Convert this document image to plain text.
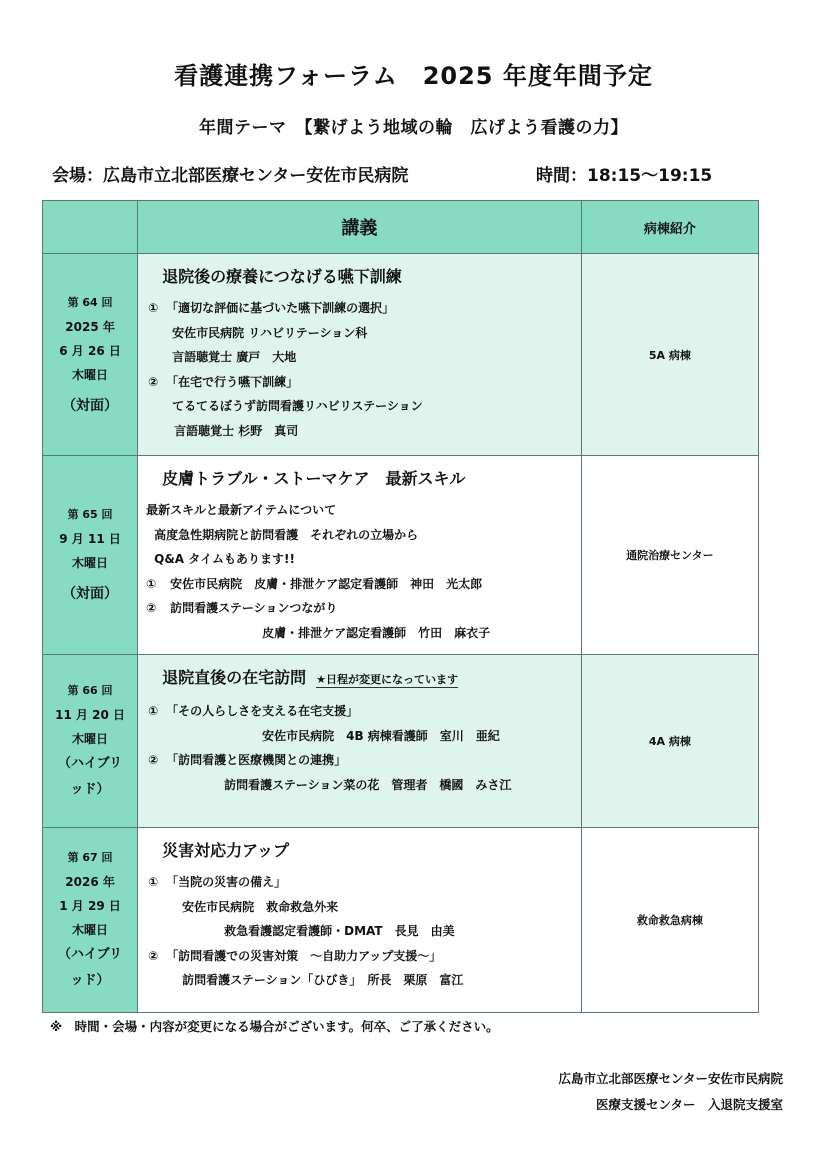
看護連携フォーラム　2025 年度年間予定
年間テーマ　【繋げよう地域の輪　広げよう看護の力】
会場：広島市立北部医療センター安佐市民病院	時間：18:15～19:15
	講義	病棟紹介

第 64 回
2025 年
6 月 26 日
木曜日
（対面）

退院後の療養につなげる嚥下訓練
① 「適切な評価に基づいた嚥下訓練の選択」
安佐市民病院 リハビリテーション科
言語聴覚士 廣戸　大地
② 「在宅で行う嚥下訓練」
てるてるぼうず訪問看護リハビリステーション
言語聴覚士 杉野　真司
	5A 病棟

第 65 回
9 月 11 日
木曜日
（対面）

皮膚トラブル・ストーマケア　最新スキル
最新スキルと最新アイテムについて
高度急性期病院と訪問看護　それぞれの立場から
Q&A タイムもあります!!
① 安佐市民病院　皮膚・排泄ケア認定看護師　神田　光太郎
② 訪問看護ステーションつながり
皮膚・排泄ケア認定看護師　竹田　麻衣子
	通院治療センター

第 66 回
11 月 20 日
木曜日
（ハイブリ
ッド）

退院直後の在宅訪問 ★日程が変更になっています
① 「その人らしさを支える在宅支援」
安佐市民病院　4B 病棟看護師　室川　亜紀
② 「訪問看護と医療機関との連携」
訪問看護ステーション菜の花　管理者　橋國　みさ江
	4A 病棟

第 67 回
2026 年
1 月 29 日
木曜日
（ハイブリ
ッド）

災害対応力アップ
① 「当院の災害の備え」
安佐市民病院　救命救急外来
救急看護認定看護師・DMAT　長見　由美
② 「訪問看護での災害対策　～自助力アップ支援～」
訪問看護ステーション「ひびき」　所長　栗原　富江
	救命救急病棟
※　時間・会場・内容が変更になる場合がございます。何卒、ご了承ください。
広島市立北部医療センター安佐市民病院
医療支援センター　入退院支援室
